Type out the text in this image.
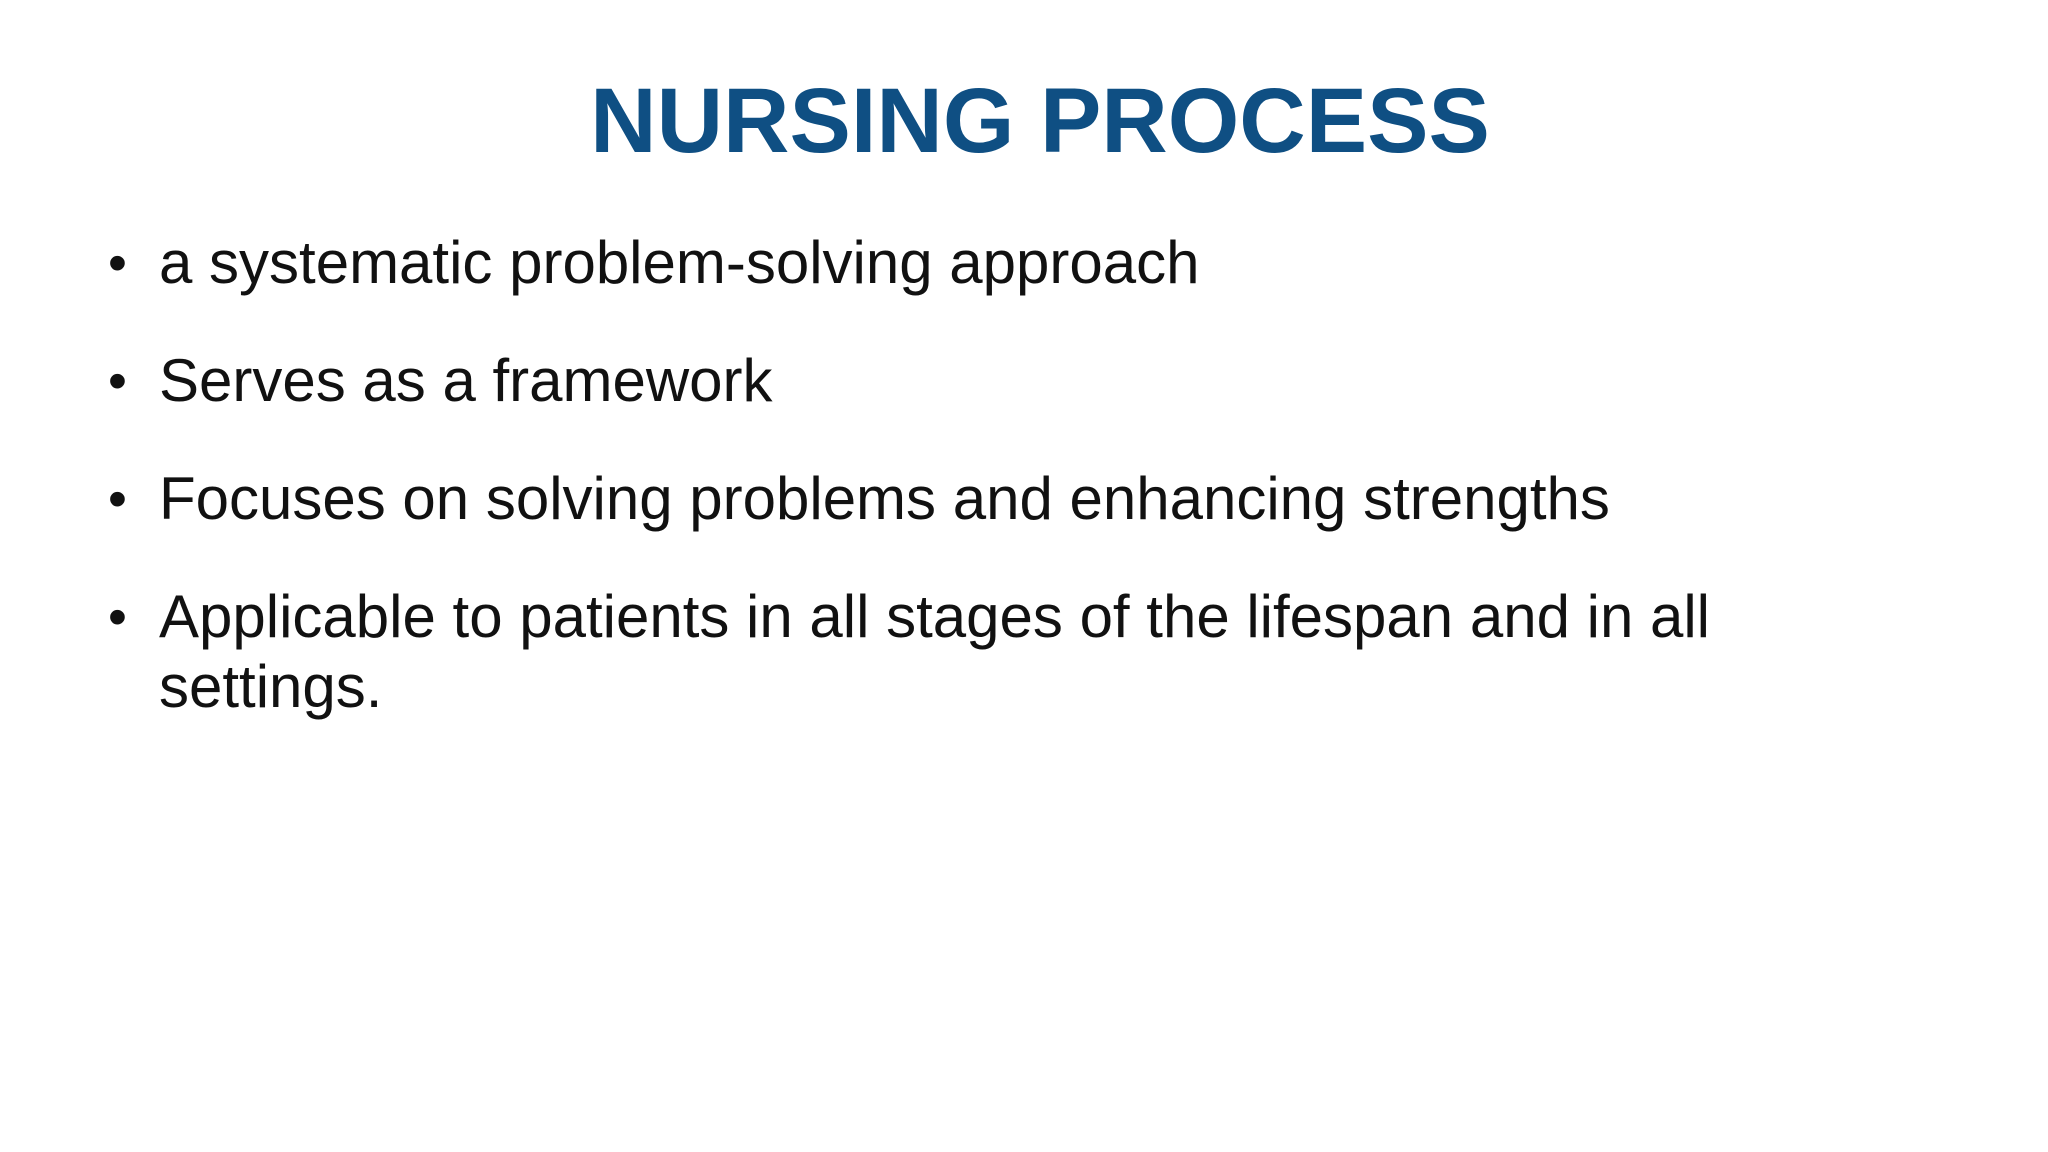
NURSING PROCESS
• a systematic problem-solving approach
• Serves as a framework
• Focuses on solving problems and enhancing strengths
• Applicable to patients in all stages of the lifespan and in all settings.
